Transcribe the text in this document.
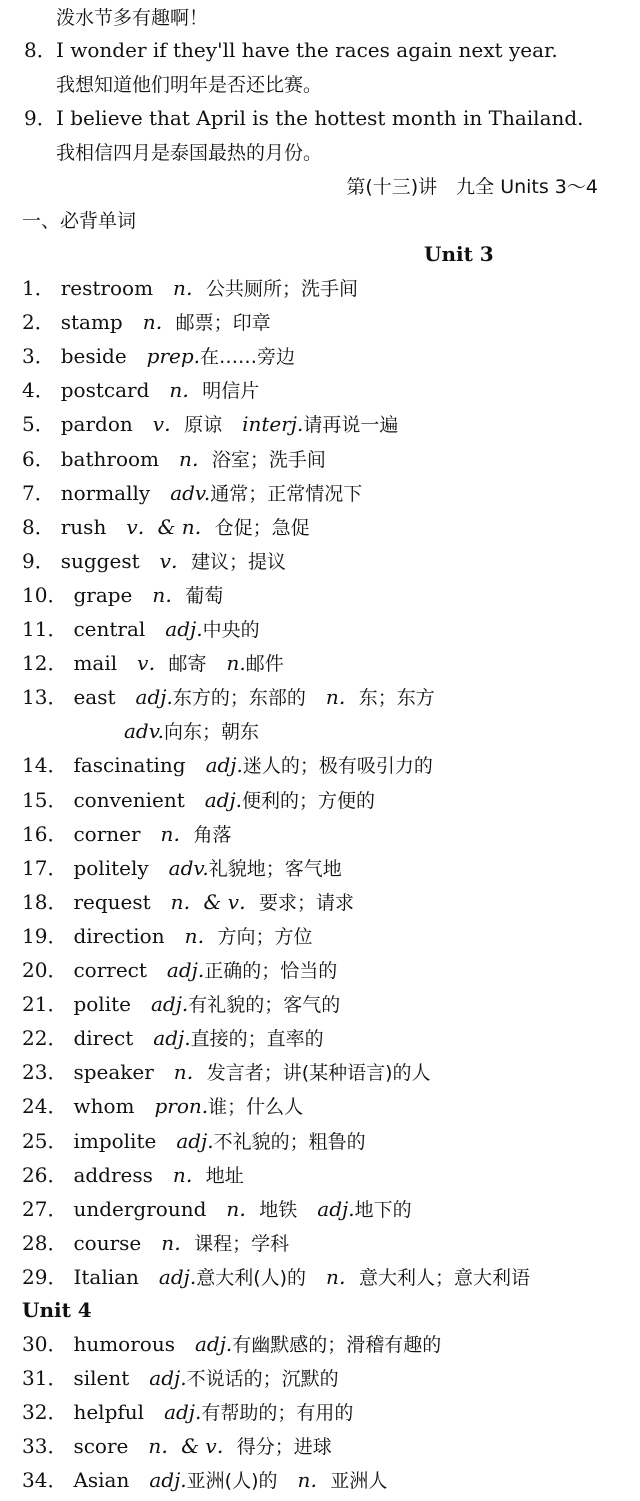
泼水节多有趣啊！
8．I wonder if they'll have the races again next year.
我想知道他们明年是否还比赛。
9．I believe that April is the hottest month in Thailand.
我相信四月是泰国最热的月份。
第(十三)讲　九全 Units 3～4
一、必背单词
Unit 3
1． restroom n．公共厕所；洗手间
2． stamp n．邮票；印章
3． beside prep.在……旁边
4． postcard n．明信片
5． pardon v．原谅 interj.请再说一遍
6． bathroom n．浴室；洗手间
7． normally adv.通常；正常情况下
8． rush v．& n．仓促；急促
9． suggest v．建议；提议
10． grape n．葡萄
11． central adj.中央的
12． mail v．邮寄 n.邮件
13． east adj.东方的；东部的 n．东；东方
adv.向东；朝东
14． fascinating adj.迷人的；极有吸引力的
15． convenient adj.便利的；方便的
16． corner n．角落
17． politely adv.礼貌地；客气地
18． request n．& v．要求；请求
19． direction n．方向；方位
20． correct adj.正确的；恰当的
21． polite adj.有礼貌的；客气的
22． direct adj.直接的；直率的
23． speaker n．发言者；讲(某种语言)的人
24． whom pron.谁；什么人
25． impolite adj.不礼貌的；粗鲁的
26． address n．地址
27． underground n．地铁 adj.地下的
28． course n．课程；学科
29． Italian adj.意大利(人)的 n．意大利人；意大利语
Unit 4
30． humorous adj.有幽默感的；滑稽有趣的
31． silent adj.不说话的；沉默的
32． helpful adj.有帮助的；有用的
33． score n．& v．得分；进球
34． Asian adj.亚洲(人)的 n．亚洲人
